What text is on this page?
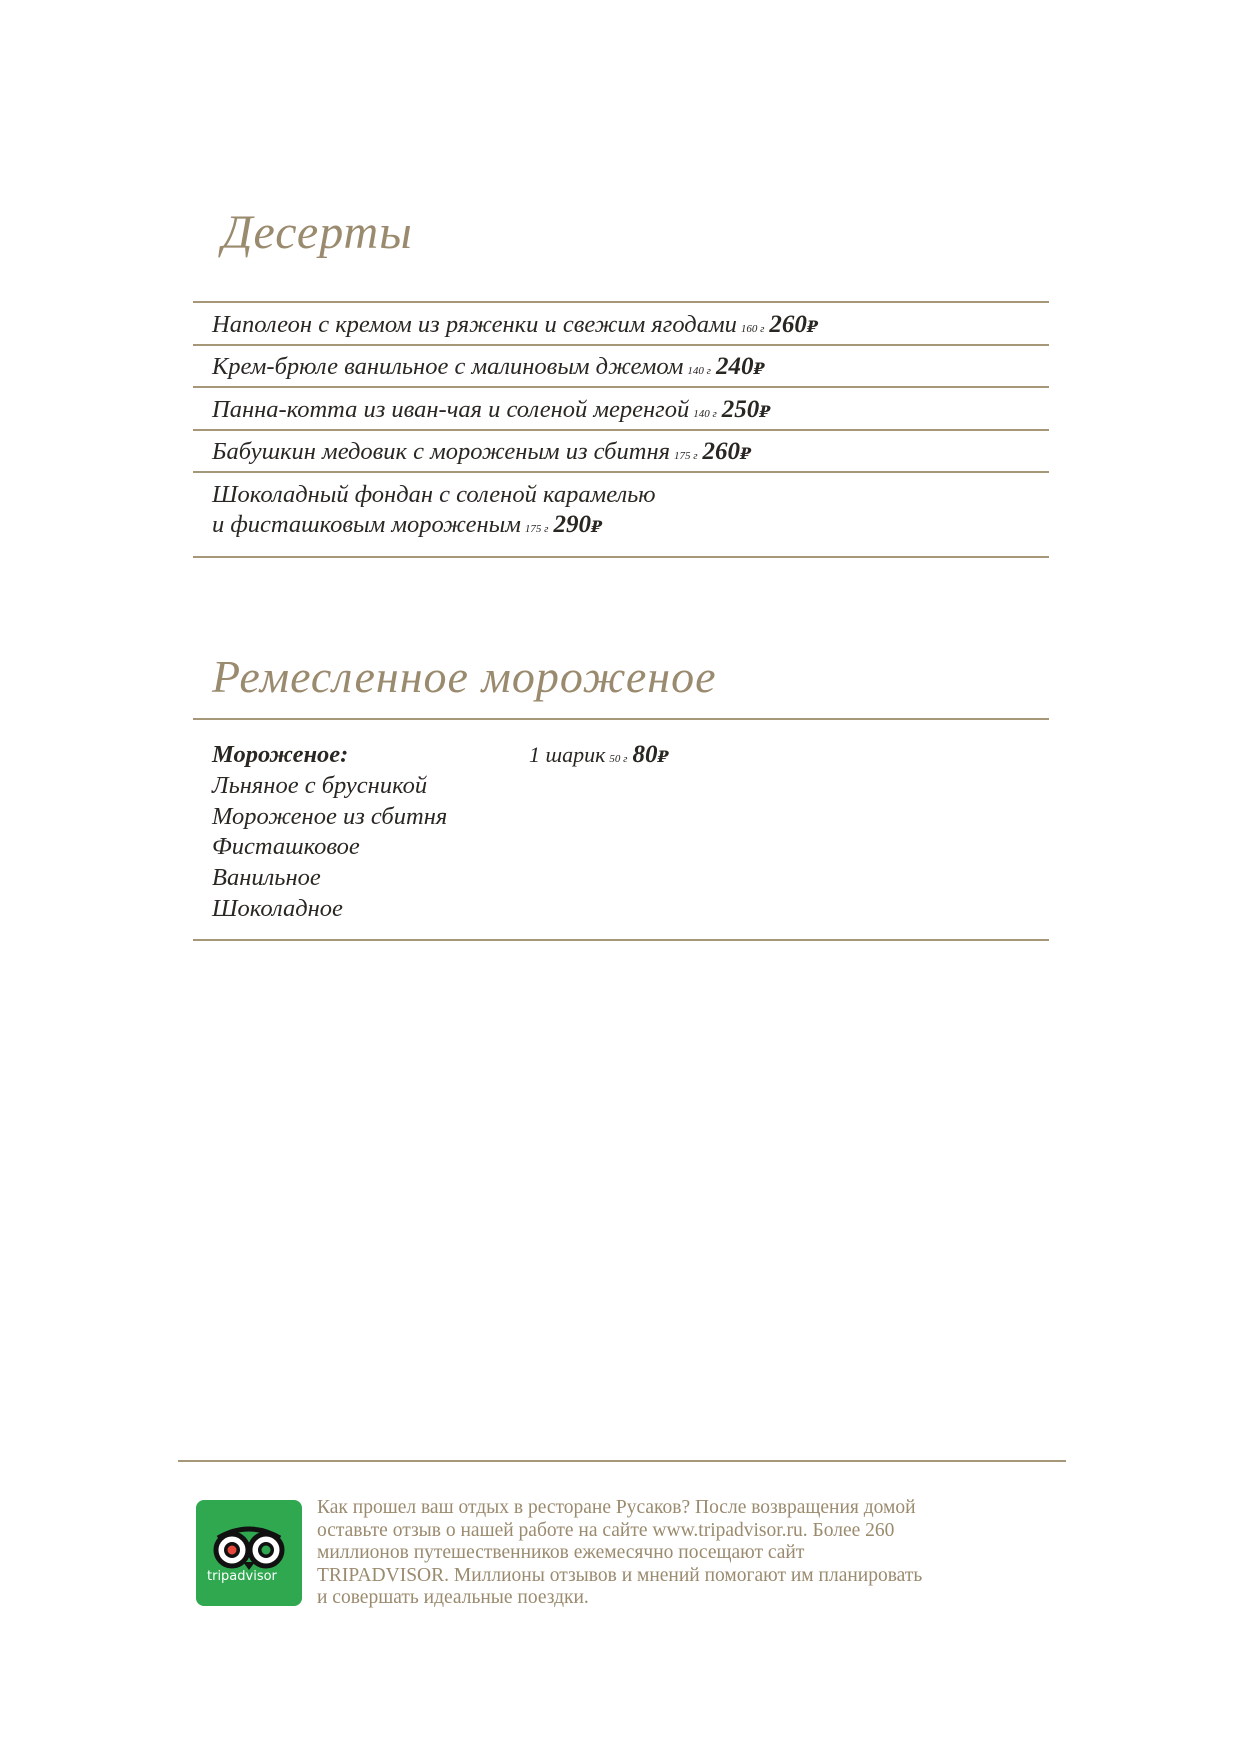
Десерты
Наполеон с кремом из ряженки и свежим ягодами 160 г 260₽
Крем-брюле ванильное с малиновым джемом 140 г 240₽
Панна-котта из иван-чая и соленой меренгой 140 г 250₽
Бабушкин медовик с мороженым из сбитня 175 г 260₽
Шоколадный фондан с соленой карамелью
и фисташковым мороженым 175 г 290₽
Ремесленное мороженое
Мороженое:
Льняное с брусникой
Мороженое из сбитня
Фисташковое
Ванильное
Шоколадное
1 шарик 50 г 80₽
tripadvisor
Как прошел ваш отдых в ресторане Русаков? После возвращения домой оставьте отзыв о нашей работе на сайте www.tripadvisor.ru. Более 260 миллионов путешественников ежемесячно посещают сайт TRIPADVISOR. Миллионы отзывов и мнений помогают им планировать и совершать идеальные поездки.
